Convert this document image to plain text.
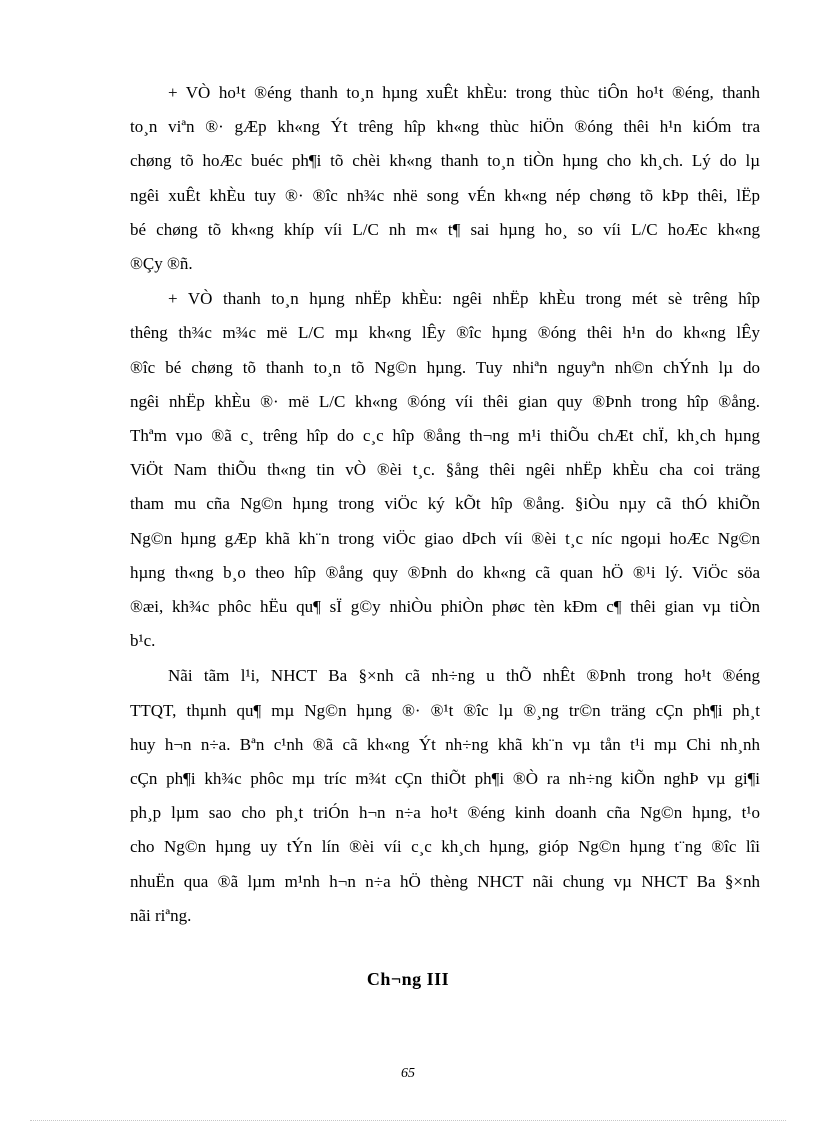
+ VÒ ho¹t ®éng thanh to¸n hµng xuÊt khÈu: trong thùc tiÔn ho¹t ®éng, thanh
to¸n viªn ®· gÆp kh«ng Ýt trêng hîp kh«ng thùc hiÖn ®óng thêi h¹n kiÓm tra
chøng tõ hoÆc buéc ph¶i tõ chèi kh«ng thanh to¸n tiÒn hµng cho kh¸ch. Lý do lµ
ngêi xuÊt khÈu tuy ®· ®îc nh¾c nhë song vÉn kh«ng nép chøng tõ kÞp thêi, lËp
bé chøng tõ kh«ng khíp víi L/C nh m« t¶ sai hµng ho¸ so víi L/C hoÆc kh«ng
®Çy ®ñ.
+ VÒ thanh to¸n hµng nhËp khÈu: ngêi nhËp khÈu trong mét sè trêng hîp
thêng th¾c m¾c më L/C mµ kh«ng lÊy ®îc hµng ®óng thêi h¹n do kh«ng lÊy
®îc bé chøng tõ thanh to¸n tõ Ng©n hµng. Tuy nhiªn nguyªn nh©n chÝnh lµ do
ngêi nhËp khÈu ®· më L/C kh«ng ®óng víi thêi gian quy ®Þnh trong hîp ®ång.
Thªm vµo ®ã c¸ trêng hîp do c¸c hîp ®ång th¬ng m¹i thiÕu chÆt chÏ, kh¸ch hµng
ViÖt Nam thiÕu th«ng tin vÒ ®èi t¸c. §ång thêi ngêi nhËp khÈu cha coi träng
tham mu cña Ng©n hµng trong viÖc ký kÕt hîp ®ång. §iÒu nµy cã thÓ khiÕn
Ng©n hµng gÆp khã kh¨n trong viÖc giao dÞch víi ®èi t¸c níc ngoµi hoÆc Ng©n
hµng th«ng b¸o theo hîp ®ång quy ®Þnh do kh«ng cã quan hÖ ®¹i lý. ViÖc söa
®æi, kh¾c phôc hËu qu¶ sÏ g©y nhiÒu phiÒn phøc tèn kÐm c¶ thêi gian vµ tiÒn
b¹c.
Nãi tãm l¹i, NHCT Ba §×nh cã nh÷ng u thÕ nhÊt ®Þnh trong ho¹t ®éng
TTQT, thµnh qu¶ mµ Ng©n hµng ®· ®¹t ®îc lµ ®¸ng tr©n träng cÇn ph¶i ph¸t
huy h¬n n÷a. Bªn c¹nh ®ã cã kh«ng Ýt nh÷ng khã kh¨n vµ tån t¹i mµ Chi nh¸nh
cÇn ph¶i kh¾c phôc mµ tríc m¾t cÇn thiÕt ph¶i ®Ò ra nh÷ng kiÕn nghÞ vµ gi¶i
ph¸p lµm sao cho ph¸t triÓn h¬n n÷a ho¹t ®éng kinh doanh cña Ng©n hµng, t¹o
cho Ng©n hµng uy tÝn lín ®èi víi c¸c kh¸ch hµng, gióp Ng©n hµng t¨ng ®îc lîi
nhuËn qua ®ã lµm m¹nh h¬n n÷a hÖ thèng NHCT nãi chung vµ NHCT Ba §×nh
nãi riªng.
Ch¬ng III
65
